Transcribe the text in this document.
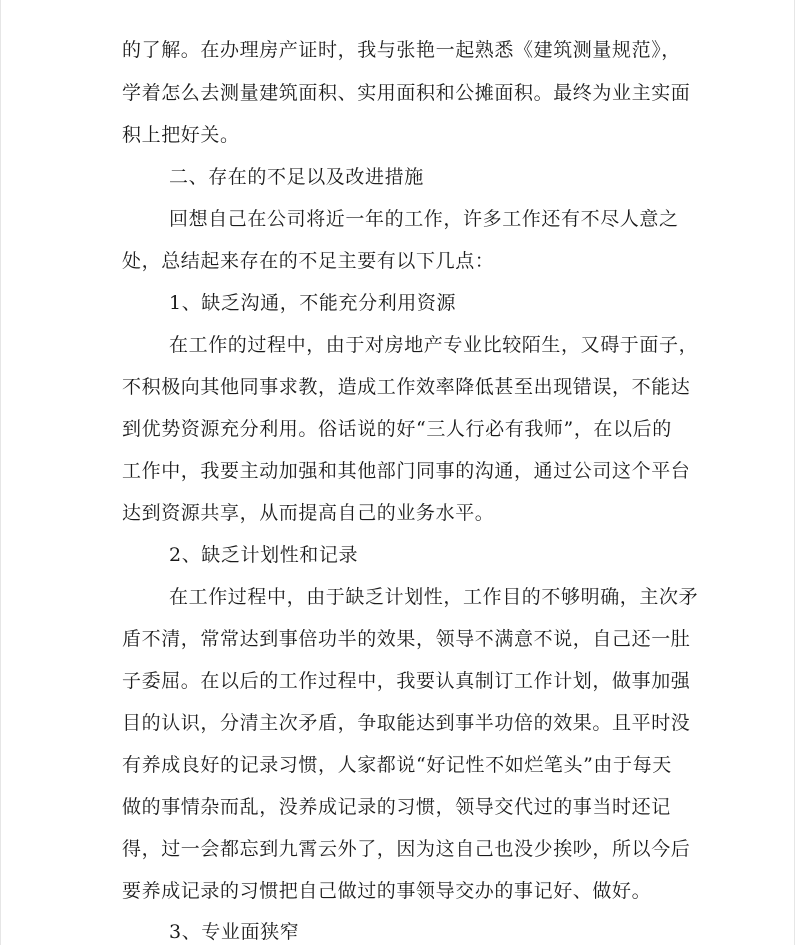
的了解。在办理房产证时，我与张艳一起熟悉《建筑测量规范》，
学着怎么去测量建筑面积、实用面积和公摊面积。最终为业主实面
积上把好关。
二、存在的不足以及改进措施
回想自己在公司将近一年的工作，许多工作还有不尽人意之
处，总结起来存在的不足主要有以下几点：
1、缺乏沟通，不能充分利用资源
在工作的过程中，由于对房地产专业比较陌生，又碍于面子，
不积极向其他同事求教，造成工作效率降低甚至出现错误，不能达
到优势资源充分利用。俗话说的好“三人行必有我师”，在以后的
工作中，我要主动加强和其他部门同事的沟通，通过公司这个平台
达到资源共享，从而提高自己的业务水平。
2、缺乏计划性和记录
在工作过程中，由于缺乏计划性，工作目的不够明确，主次矛
盾不清，常常达到事倍功半的效果，领导不满意不说，自己还一肚
子委屈。在以后的工作过程中，我要认真制订工作计划，做事加强
目的认识，分清主次矛盾，争取能达到事半功倍的效果。且平时没
有养成良好的记录习惯，人家都说“好记性不如烂笔头”由于每天
做的事情杂而乱，没养成记录的习惯，领导交代过的事当时还记
得，过一会都忘到九霄云外了，因为这自己也没少挨吵，所以今后
要养成记录的习惯把自己做过的事领导交办的事记好、做好。
3、专业面狭窄
